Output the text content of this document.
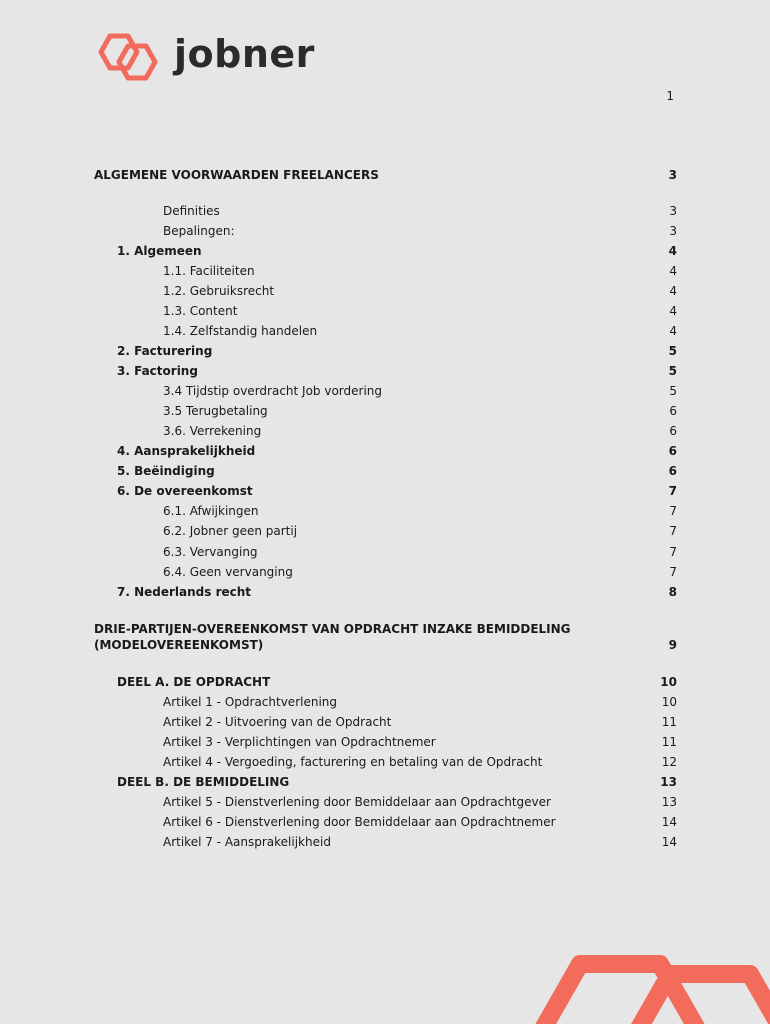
jobner
1
ALGEMENE VOORWAARDEN FREELANCERS	3
Definities	3
Bepalingen:	3
1. Algemeen	4
1.1. Faciliteiten	4
1.2. Gebruiksrecht	4
1.3. Content	4
1.4. Zelfstandig handelen	4
2. Facturering	5
3. Factoring	5
3.4 Tijdstip overdracht Job vordering	5
3.5 Terugbetaling	6
3.6. Verrekening	6
4. Aansprakelijkheid	6
5. Beëindiging	6
6. De overeenkomst	7
6.1. Afwijkingen	7
6.2. Jobner geen partij	7
6.3. Vervanging	7
6.4. Geen vervanging	7
7. Nederlands recht	8
DRIE-PARTIJEN-OVEREENKOMST VAN OPDRACHT INZAKE BEMIDDELING
(MODELOVEREENKOMST)	9
DEEL A. DE OPDRACHT	10
Artikel 1 - Opdrachtverlening	10
Artikel 2 - Uitvoering van de Opdracht	11
Artikel 3 - Verplichtingen van Opdrachtnemer	11
Artikel 4 - Vergoeding, facturering en betaling van de Opdracht	12
DEEL B. DE BEMIDDELING	13
Artikel 5 - Dienstverlening door Bemiddelaar aan Opdrachtgever	13
Artikel 6 - Dienstverlening door Bemiddelaar aan Opdrachtnemer	14
Artikel 7 - Aansprakelijkheid	14
